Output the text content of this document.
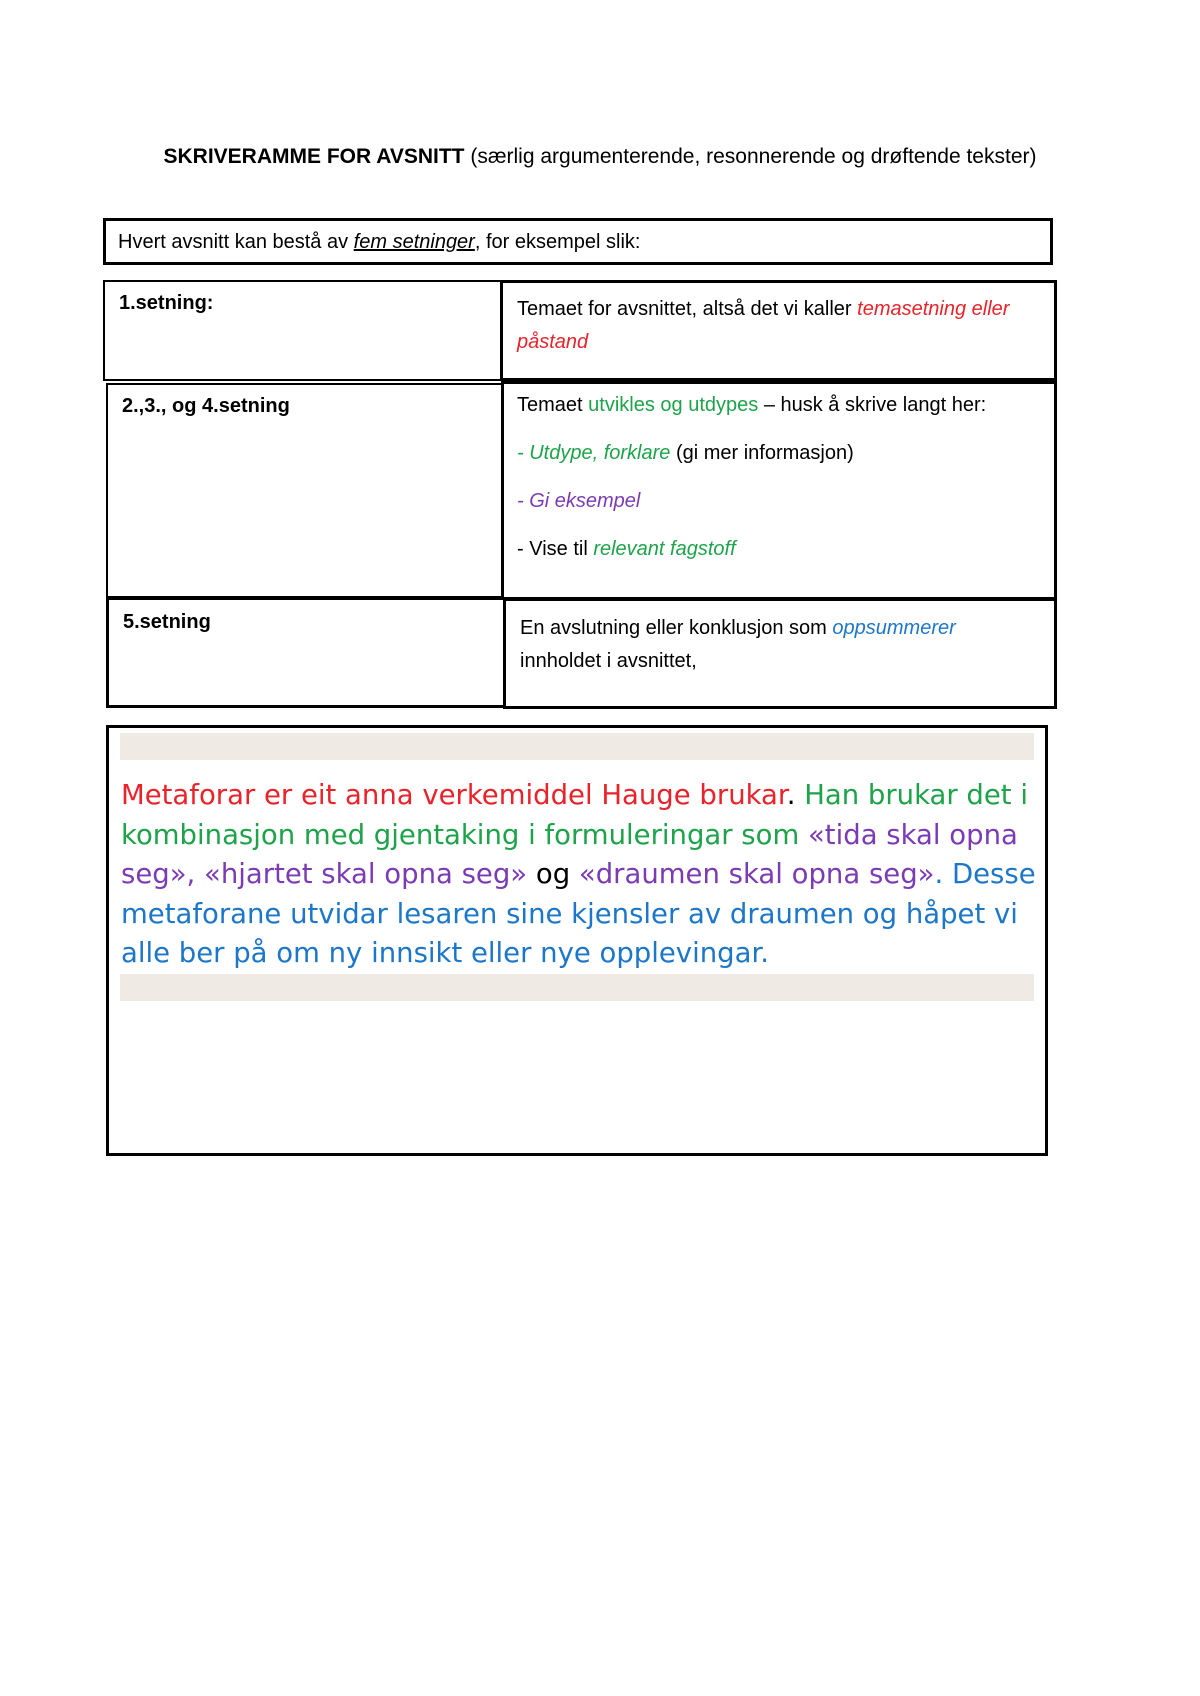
SKRIVERAMME FOR AVSNITT (særlig argumenterende, resonnerende og drøftende tekster)
Hvert avsnitt kan bestå av fem setninger, for eksempel slik:
1.setning:	Temaet for avsnittet, altså det vi kaller temasetning eller påstand
2.,3., og 4.setning	Temaet utvikles og utdypes – husk å skrive langt her:

- Utdype, forklare (gi mer informasjon)

- Gi eksempel

- Vise til relevant fagstoff

5.setning	En avslutning eller konklusjon som oppsummerer innholdet i avsnittet,
Metaforar er eit anna verkemiddel Hauge brukar. Han brukar det i kombinasjon med gjentaking i formuleringar som «tida skal opna seg», «hjartet skal opna seg» og «draumen skal opna seg». Desse metaforane utvidar lesaren sine kjensler av draumen og håpet vi alle ber på om ny innsikt eller nye opplevingar.
